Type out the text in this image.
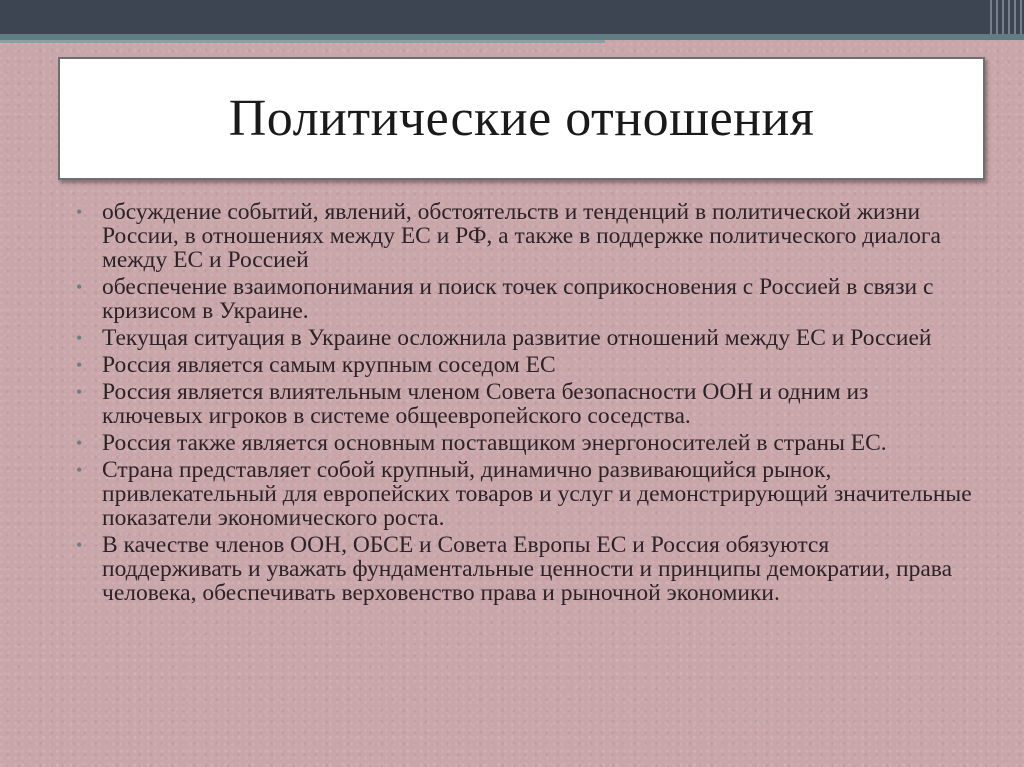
Политические отношения
• обсуждение событий, явлений, обстоятельств и тенденций в политической жизни России, в отношениях между ЕС и РФ, а также в поддержке политического диалога между ЕС и Россией
• обеспечение взаимопонимания и поиск точек соприкосновения с Россией в связи с кризисом в Украине.
• Текущая ситуация в Украине осложнила развитие отношений между ЕС и Россией
• Россия является самым крупным соседом ЕС
• Россия является влиятельным членом Совета безопасности ООН и одним из ключевых игроков в системе общеевропейского соседства.
• Россия также является основным поставщиком энергоносителей в страны ЕС.
• Страна представляет собой крупный, динамично развивающийся рынок, привлекательный для европейских товаров и услуг и демонстрирующий значительные показатели экономического роста.
• В качестве членов ООН, ОБСЕ и Совета Европы ЕС и Россия обязуются поддерживать и уважать фундаментальные ценности и принципы демократии, права человека, обеспечивать верховенство права и рыночной экономики.
